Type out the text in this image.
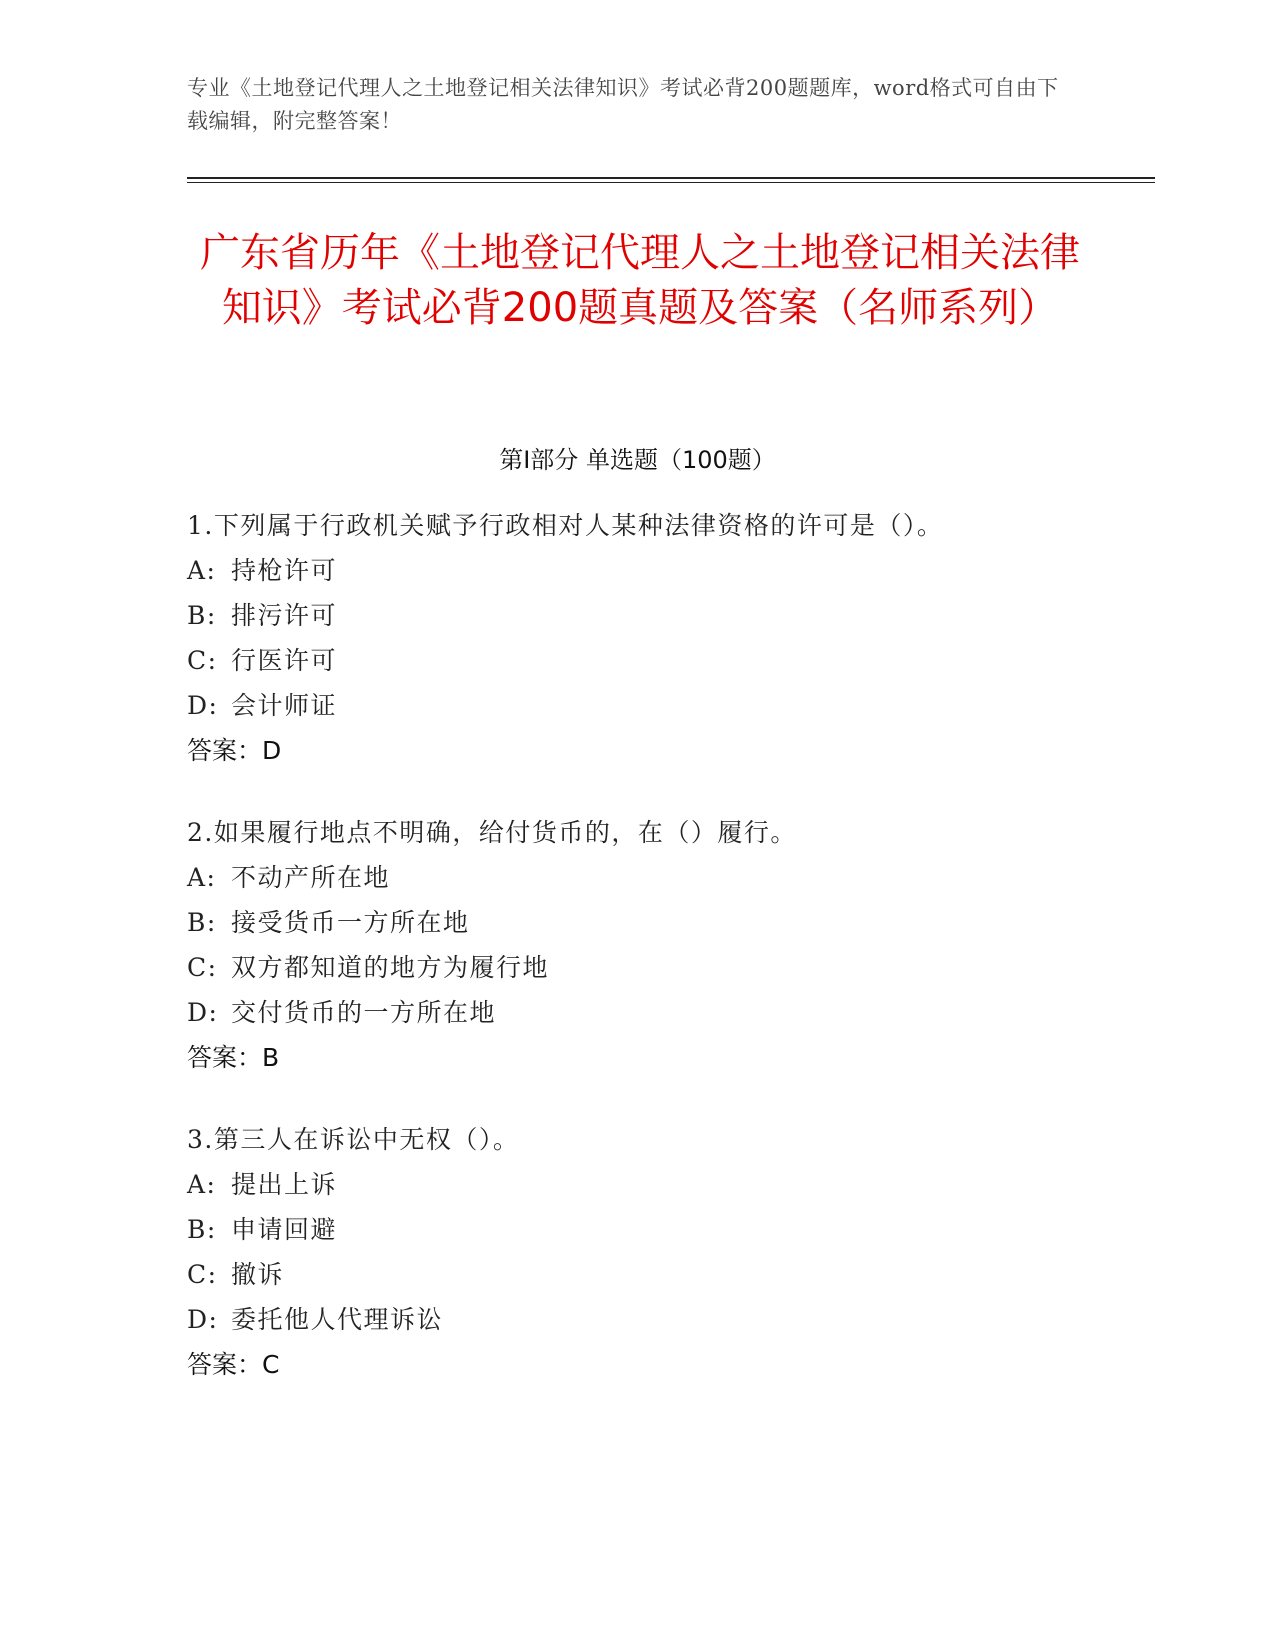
专业《土地登记代理人之土地登记相关法律知识》考试必背200题题库，word格式可自由下载编辑，附完整答案！
广东省历年《土地登记代理人之土地登记相关法律知识》考试必背200题真题及答案（名师系列）
第I部分 单选题（100题）
1.下列属于行政机关赋予行政相对人某种法律资格的许可是（）。
A: 持枪许可
B: 排污许可
C: 行医许可
D: 会计师证
答案：D
2.如果履行地点不明确，给付货币的，在（）履行。
A: 不动产所在地
B: 接受货币一方所在地
C: 双方都知道的地方为履行地
D: 交付货币的一方所在地
答案：B
3.第三人在诉讼中无权（）。
A: 提出上诉
B: 申请回避
C: 撤诉
D: 委托他人代理诉讼
答案：C
